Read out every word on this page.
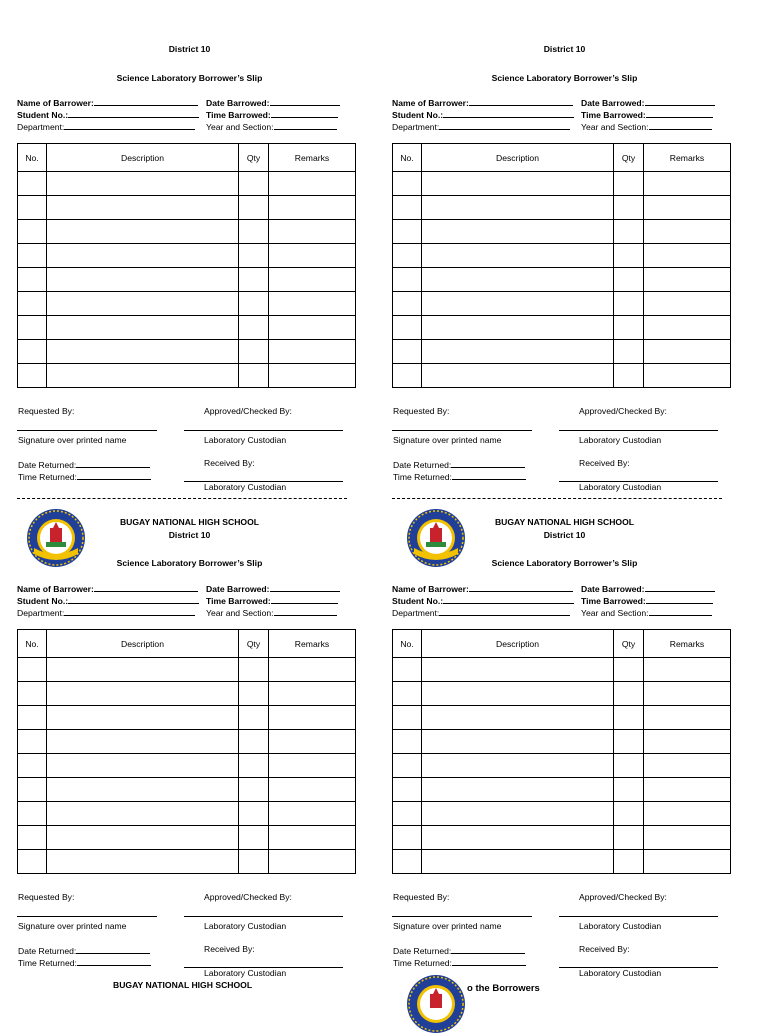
District 10
Science Laboratory Borrower’s Slip
District 10
Science Laboratory Borrower’s Slip
Name of Barrower:
Student No.:
Department:
Date Barrowed:
Time Barrowed:
Year and Section:
No.	Description	Qty	Remarks

Requested By:	Approved/Checked By:
Signature over printed name	Laboratory Custodian
Date Returned:
Time Returned:
Received By:
Laboratory Custodian
Name of Barrower:
Student No.:
Department:
Date Barrowed:
Time Barrowed:
Year and Section:
No.	Description	Qty	Remarks

Requested By:	Approved/Checked By:
Signature over printed name	Laboratory Custodian
Date Returned:
Time Returned:
Received By:
Laboratory Custodian
BUGAY NATIONAL HIGH SCHOOL
District 10
Science Laboratory Borrower’s Slip
BUGAY NATIONAL HIGH SCHOOL
District 10
Science Laboratory Borrower’s Slip
Name of Barrower:
Student No.:
Department:
Date Barrowed:
Time Barrowed:
Year and Section:
No.	Description	Qty	Remarks

Requested By:	Approved/Checked By:
Signature over printed name	Laboratory Custodian
Date Returned:
Time Returned:
Received By:
Laboratory Custodian
Name of Barrower:
Student No.:
Department:
Date Barrowed:
Time Barrowed:
Year and Section:
No.	Description	Qty	Remarks

Requested By:	Approved/Checked By:
Signature over printed name	Laboratory Custodian
Date Returned:
Time Returned:
Received By:
Laboratory Custodian
BUGAY NATIONAL HIGH SCHOOL	o the Borrowers
